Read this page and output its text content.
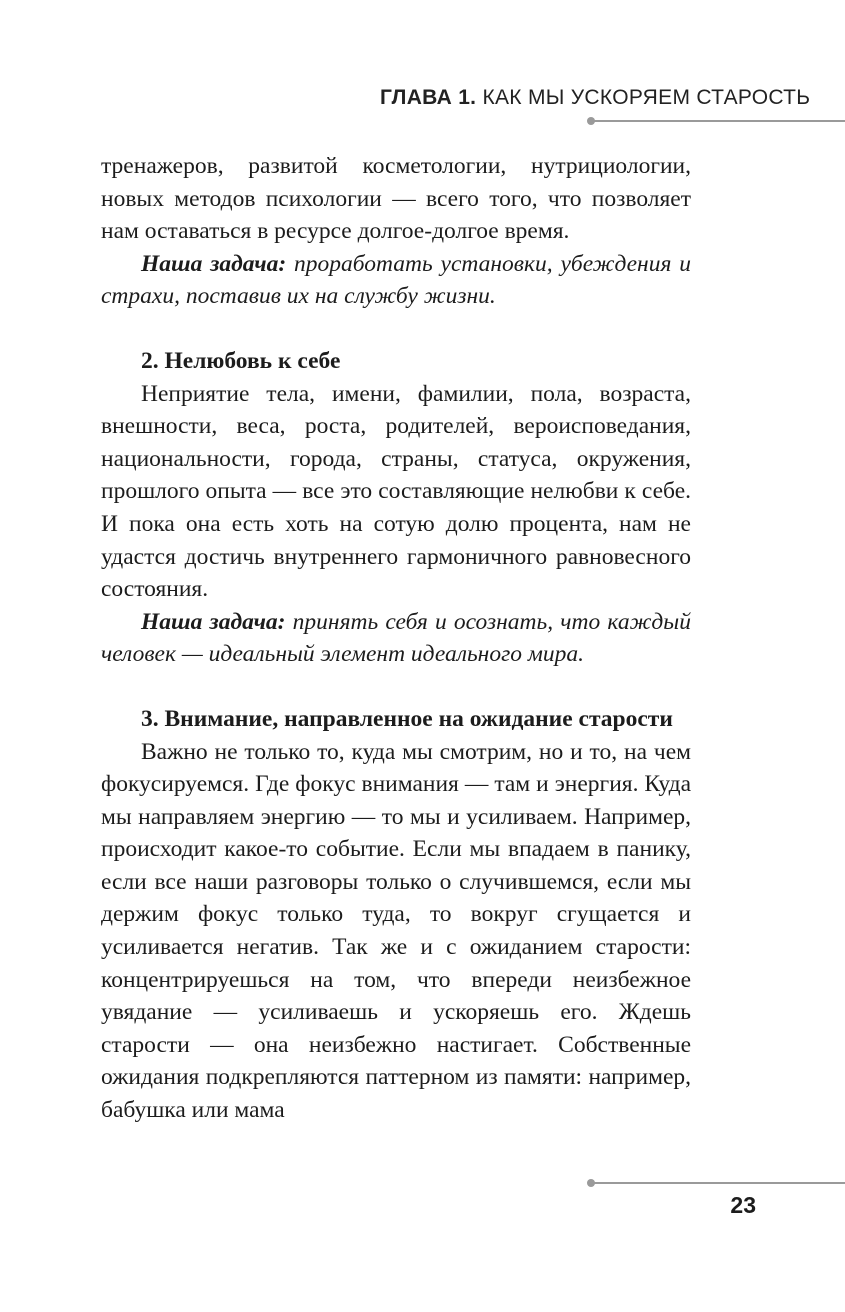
ГЛАВА 1. КАК МЫ УСКОРЯЕМ СТАРОСТЬ

тренажеров, развитой косметологии, нутрициологии, новых методов психологии — всего того, что позволяет нам оставаться в ресурсе долгое-долгое время.

Наша задача: проработать установки, убеждения и страхи, поставив их на службу жизни.

2. Нелюбовь к себе

Неприятие тела, имени, фамилии, пола, возраста, внешности, веса, роста, родителей, вероисповедания, национальности, города, страны, статуса, окружения, прошлого опыта — все это составляющие нелюбви к себе. И пока она есть хоть на сотую долю процента, нам не удастся достичь внутреннего гармоничного равновесного состояния.

Наша задача: принять себя и осознать, что каждый человек — идеальный элемент идеального мира.

3. Внимание, направленное на ожидание старости

Важно не только то, куда мы смотрим, но и то, на чем фокусируемся. Где фокус внимания — там и энергия. Куда мы направляем энергию — то мы и усиливаем. Например, происходит какое-то событие. Если мы впадаем в панику, если все наши разговоры только о случившемся, если мы держим фокус только туда, то вокруг сгущается и усиливается негатив. Так же и с ожиданием старости: концентрируешься на том, что впереди неизбежное увядание — усиливаешь и ускоряешь его. Ждешь старости — она неизбежно настигает. Собственные ожидания подкрепляются паттерном из памяти: например, бабушка или мама

23
